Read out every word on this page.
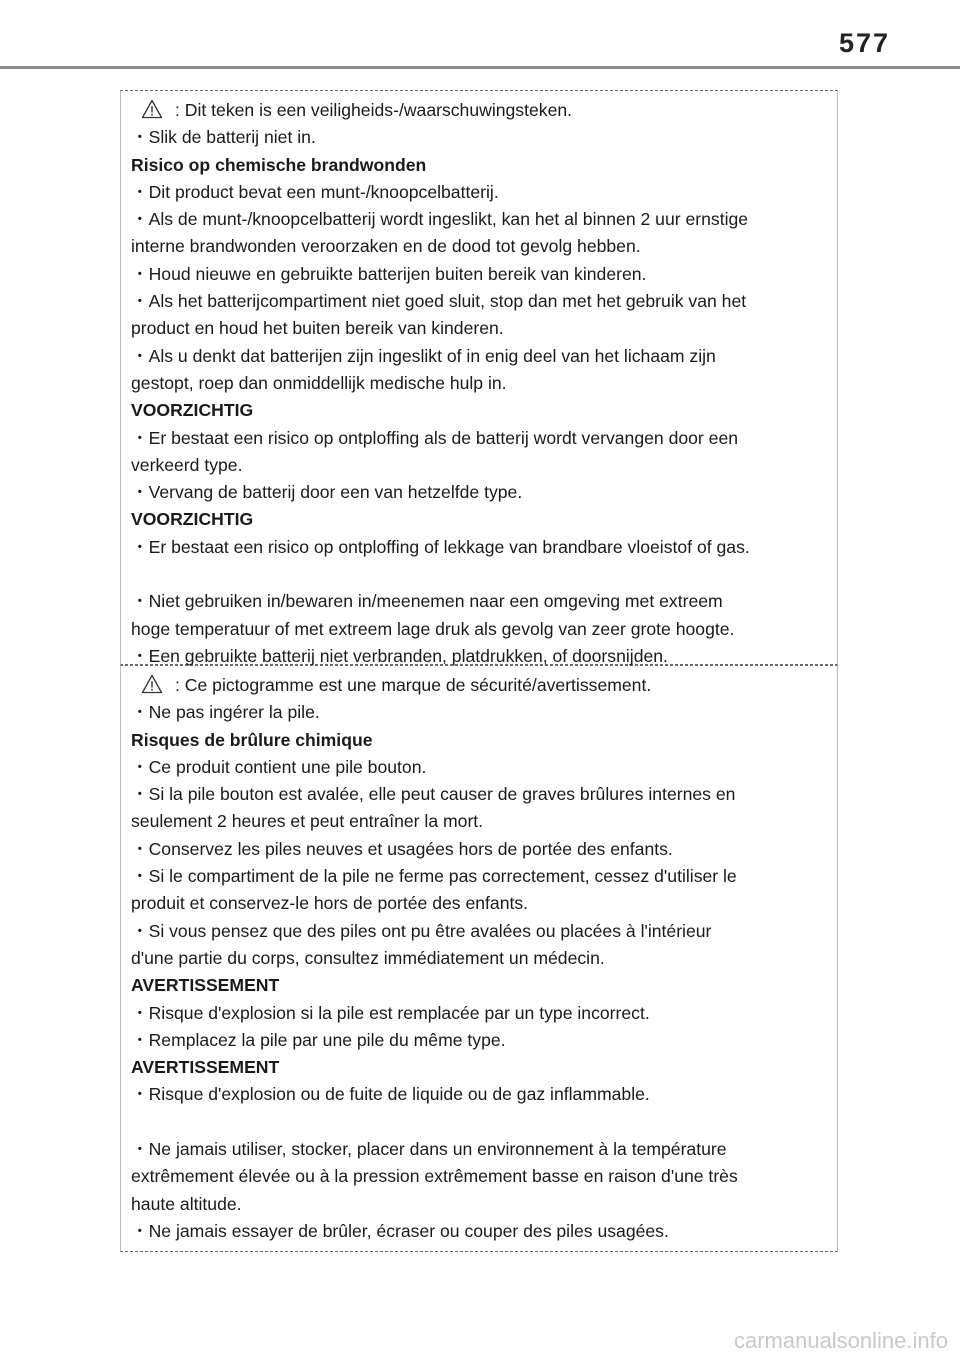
577
: Dit teken is een veiligheids-/waarschuwingsteken.
・Slik de batterij niet in.
Risico op chemische brandwonden
・Dit product bevat een munt-/knoopcelbatterij.
・Als de munt-/knoopcelbatterij wordt ingeslikt, kan het al binnen 2 uur ernstige
interne brandwonden veroorzaken en de dood tot gevolg hebben.
・Houd nieuwe en gebruikte batterijen buiten bereik van kinderen.
・Als het batterijcompartiment niet goed sluit, stop dan met het gebruik van het
product en houd het buiten bereik van kinderen.
・Als u denkt dat batterijen zijn ingeslikt of in enig deel van het lichaam zijn
gestopt, roep dan onmiddellijk medische hulp in.
VOORZICHTIG
・Er bestaat een risico op ontploffing als de batterij wordt vervangen door een
verkeerd type.
・Vervang de batterij door een van hetzelfde type.
VOORZICHTIG
・Er bestaat een risico op ontploffing of lekkage van brandbare vloeistof of gas.
・Niet gebruiken in/bewaren in/meenemen naar een omgeving met extreem
hoge temperatuur of met extreem lage druk als gevolg van zeer grote hoogte.
・Een gebruikte batterij niet verbranden, platdrukken, of doorsnijden.
: Ce pictogramme est une marque de sécurité/avertissement.
・Ne pas ingérer la pile.
Risques de brûlure chimique
・Ce produit contient une pile bouton.
・Si la pile bouton est avalée, elle peut causer de graves brûlures internes en
seulement 2 heures et peut entraîner la mort.
・Conservez les piles neuves et usagées hors de portée des enfants.
・Si le compartiment de la pile ne ferme pas correctement, cessez d'utiliser le
produit et conservez-le hors de portée des enfants.
・Si vous pensez que des piles ont pu être avalées ou placées à l'intérieur
d'une partie du corps, consultez immédiatement un médecin.
AVERTISSEMENT
・Risque d'explosion si la pile est remplacée par un type incorrect.
・Remplacez la pile par une pile du même type.
AVERTISSEMENT
・Risque d'explosion ou de fuite de liquide ou de gaz inflammable.
・Ne jamais utiliser, stocker, placer dans un environnement à la température
extrêmement élevée ou à la pression extrêmement basse en raison d'une très
haute altitude.
・Ne jamais essayer de brûler, écraser ou couper des piles usagées.
carmanualsonline.info
